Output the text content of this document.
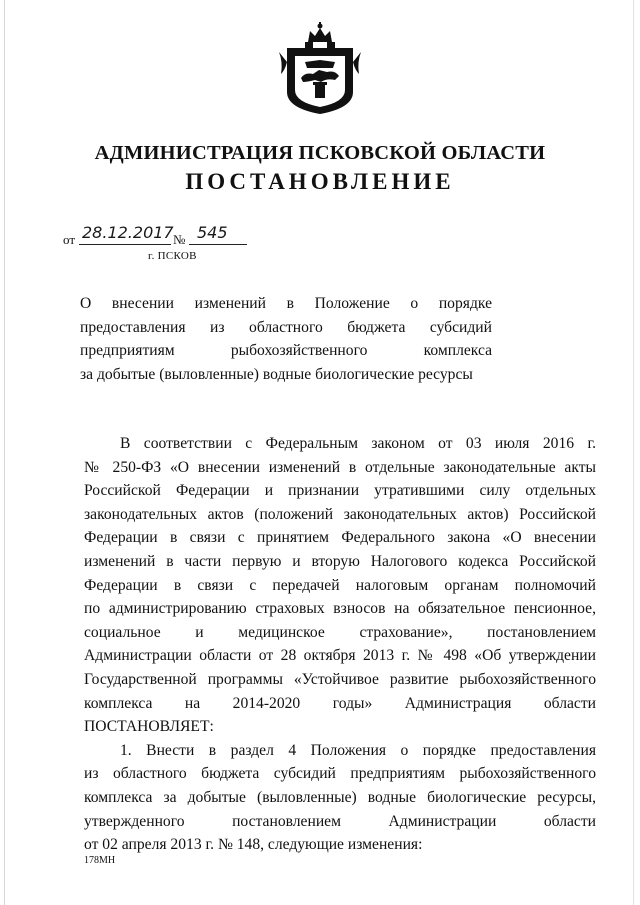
АДМИНИСТРАЦИЯ ПСКОВСКОЙ ОБЛАСТИ
ПОСТАНОВЛЕНИЕ
от 28.12.2017 № 545
г. ПСКОВ
О внесении изменений в Положение о порядке
предоставления из областного бюджета субсидий
предприятиям рыбохозяйственного комплекса
за добытые (выловленные) водные биологические ресурсы
В соответствии с Федеральным законом от 03 июля 2016 г.
№ 250-ФЗ «О внесении изменений в отдельные законодательные акты
Российской Федерации и признании утратившими силу отдельных
законодательных актов (положений законодательных актов) Российской
Федерации в связи с принятием Федерального закона «О внесении
изменений в части первую и вторую Налогового кодекса Российской
Федерации в связи с передачей налоговым органам полномочий
по администрированию страховых взносов на обязательное пенсионное,
социальное и медицинское страхование», постановлением
Администрации области от 28 октября 2013 г. № 498 «Об утверждении
Государственной программы «Устойчивое развитие рыбохозяйственного
комплекса на 2014-2020 годы» Администрация области
ПОСТАНОВЛЯЕТ:
1. Внести в раздел 4 Положения о порядке предоставления
из областного бюджета субсидий предприятиям рыбохозяйственного
комплекса за добытые (выловленные) водные биологические ресурсы,
утвержденного постановлением Администрации области
от 02 апреля 2013 г. № 148, следующие изменения:
178МН
